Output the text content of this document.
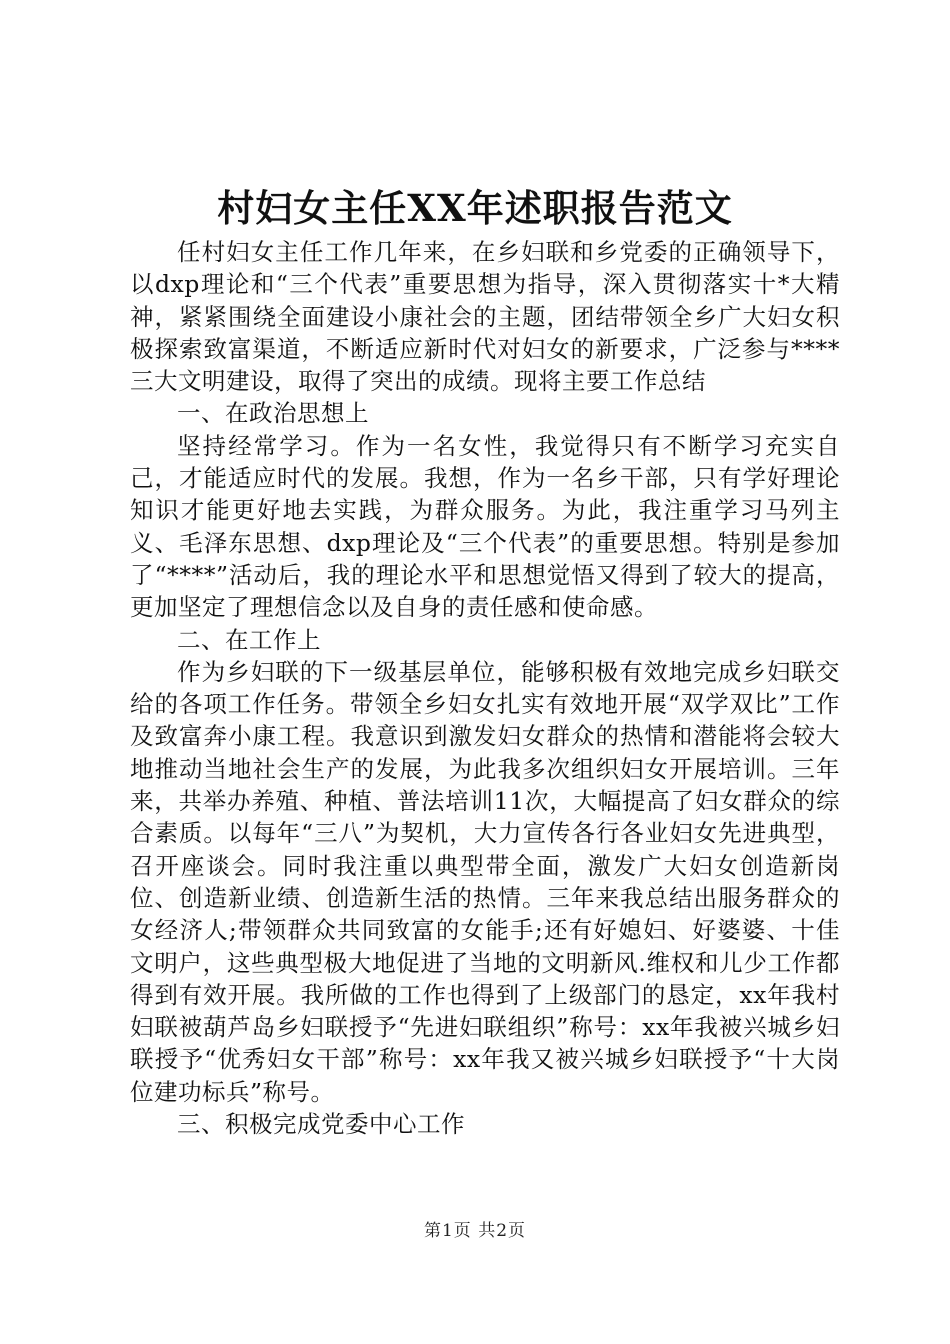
村妇女主任XX年述职报告范文

任村妇女主任工作几年来，在乡妇联和乡党委的正确领导下，以dxp理论和“三个代表”重要思想为指导，深入贯彻落实十*大精神，紧紧围绕全面建设小康社会的主题，团结带领全乡广大妇女积极探索致富渠道，不断适应新时代对妇女的新要求，广泛参与****三大文明建设，取得了突出的成绩。现将主要工作总结

一、在政治思想上

坚持经常学习。作为一名女性，我觉得只有不断学习充实自己，才能适应时代的发展。我想，作为一名乡干部，只有学好理论知识才能更好地去实践，为群众服务。为此，我注重学习马列主义、毛泽东思想、dxp理论及“三个代表”的重要思想。特别是参加了“****”活动后，我的理论水平和思想觉悟又得到了较大的提高，更加坚定了理想信念以及自身的责任感和使命感。

二、在工作上

作为乡妇联的下一级基层单位，能够积极有效地完成乡妇联交给的各项工作任务。带领全乡妇女扎实有效地开展“双学双比”工作及致富奔小康工程。我意识到激发妇女群众的热情和潜能将会较大地推动当地社会生产的发展，为此我多次组织妇女开展培训。三年来，共举办养殖、种植、普法培训11次，大幅提高了妇女群众的综合素质。以每年“三八”为契机，大力宣传各行各业妇女先进典型，召开座谈会。同时我注重以典型带全面，激发广大妇女创造新岗位、创造新业绩、创造新生活的热情。三年来我总结出服务群众的女经济人;带领群众共同致富的女能手;还有好媳妇、好婆婆、十佳文明户，这些典型极大地促进了当地的文明新风.维权和儿少工作都得到有效开展。我所做的工作也得到了上级部门的恳定，xx年我村妇联被葫芦岛乡妇联授予“先进妇联组织”称号：xx年我被兴城乡妇联授予“优秀妇女干部”称号：xx年我又被兴城乡妇联授予“十大岗位建功标兵”称号。

三、积极完成党委中心工作

第1页 共2页
